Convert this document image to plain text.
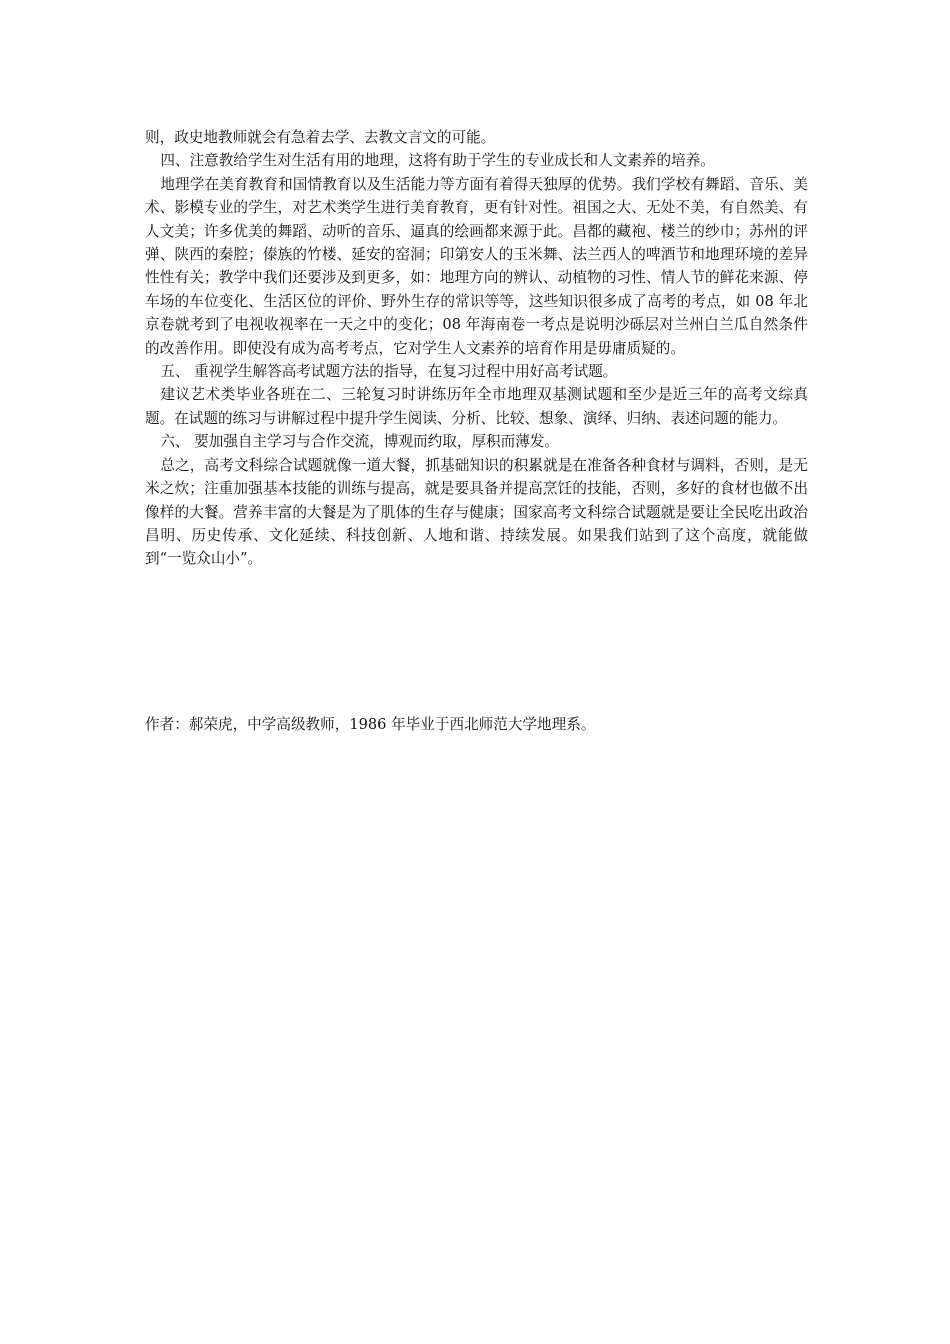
则，政史地教师就会有急着去学、去教文言文的可能。

四、注意教给学生对生活有用的地理，这将有助于学生的专业成长和人文素养的培养。

地理学在美育教育和国情教育以及生活能力等方面有着得天独厚的优势。我们学校有舞蹈、音乐、美术、影模专业的学生，对艺术类学生进行美育教育，更有针对性。祖国之大、无处不美，有自然美、有人文美；许多优美的舞蹈、动听的音乐、逼真的绘画都来源于此。昌都的藏袍、楼兰的纱巾；苏州的评弹、陕西的秦腔；傣族的竹楼、延安的窑洞；印第安人的玉米舞、法兰西人的啤酒节和地理环境的差异性性有关；教学中我们还要涉及到更多，如：地理方向的辨认、动植物的习性、情人节的鲜花来源、停车场的车位变化、生活区位的评价、野外生存的常识等等，这些知识很多成了高考的考点，如 08 年北京卷就考到了电视收视率在一天之中的变化；08 年海南卷一考点是说明沙砾层对兰州白兰瓜自然条件的改善作用。即使没有成为高考考点，它对学生人文素养的培育作用是毋庸质疑的。

五、 重视学生解答高考试题方法的指导，在复习过程中用好高考试题。

建议艺术类毕业各班在二、三轮复习时讲练历年全市地理双基测试题和至少是近三年的高考文综真题。在试题的练习与讲解过程中提升学生阅读、分析、比较、想象、演绎、归纳、表述问题的能力。

六、 要加强自主学习与合作交流，博观而约取，厚积而薄发。

总之，高考文科综合试题就像一道大餐，抓基础知识的积累就是在准备各种食材与调料，否则，是无米之炊；注重加强基本技能的训练与提高，就是要具备并提高烹饪的技能，否则，多好的食材也做不出像样的大餐。营养丰富的大餐是为了肌体的生存与健康；国家高考文科综合试题就是要让全民吃出政治昌明、历史传承、文化延续、科技创新、人地和谐、持续发展。如果我们站到了这个高度，就能做到“一览众山小”。

作者：郝荣虎，中学高级教师，1986 年毕业于西北师范大学地理系。
